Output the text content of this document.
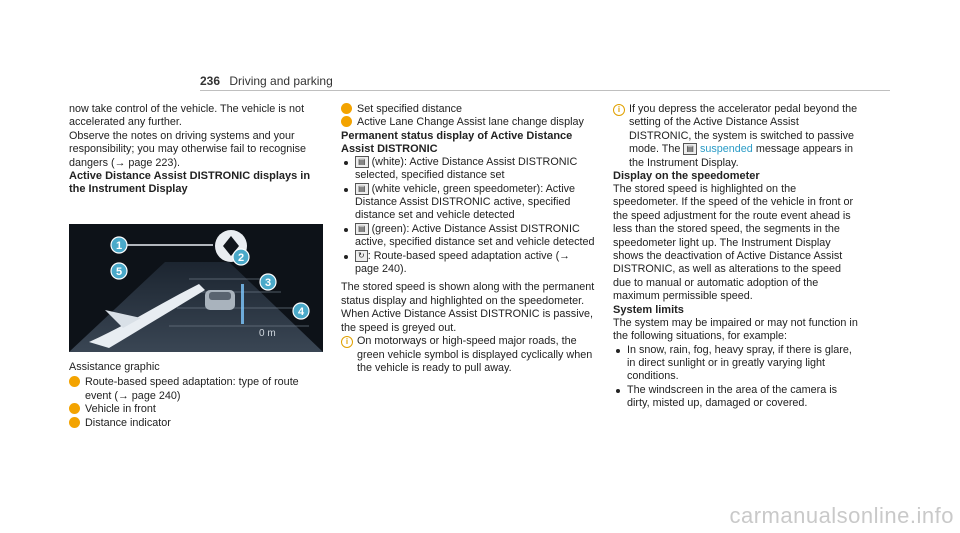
236 Driving and parking

now take control of the vehicle. The vehicle is not accelerated any further.

Observe the notes on driving systems and your responsibility; you may otherwise fail to recognise dangers (→ page 223).

Active Distance Assist DISTRONIC displays in the Instrument Display

0 m
1
2
3
4
5

Assistance graphic

1 Route-based speed adaptation: type of route event (→ page 240)

2 Vehicle in front

3 Distance indicator

4 Set specified distance

5 Active Lane Change Assist lane change display

Permanent status display of Active Distance Assist DISTRONIC

▤ (white): Active Distance Assist DISTRONIC selected, specified distance set

▤ (white vehicle, green speedometer): Active Distance Assist DISTRONIC active, specified distance set and vehicle detected

▤ (green): Active Distance Assist DISTRONIC active, specified distance set and vehicle detected

↻ : Route-based speed adaptation active (→ page 240).

The stored speed is shown along with the permanent status display and highlighted on the speedometer. When Active Distance Assist DISTRONIC is passive, the speed is greyed out.

i On motorways or high-speed major roads, the green vehicle symbol is displayed cyclically when the vehicle is ready to pull away.

i If you depress the accelerator pedal beyond the setting of the Active Distance Assist DISTRONIC, the system is switched to passive mode. The ▤ suspended message appears in the Instrument Display.

Display on the speedometer

The stored speed is highlighted on the speedometer. If the speed of the vehicle in front or the speed adjustment for the route event ahead is less than the stored speed, the segments in the speedometer light up. The Instrument Display shows the deactivation of Active Distance Assist DISTRONIC, as well as alterations to the speed due to manual or automatic adoption of the maximum permissible speed.

System limits

The system may be impaired or may not function in the following situations, for example:

In snow, rain, fog, heavy spray, if there is glare, in direct sunlight or in greatly varying light conditions.

The windscreen in the area of the camera is dirty, misted up, damaged or covered.

carmanualsonline.info
